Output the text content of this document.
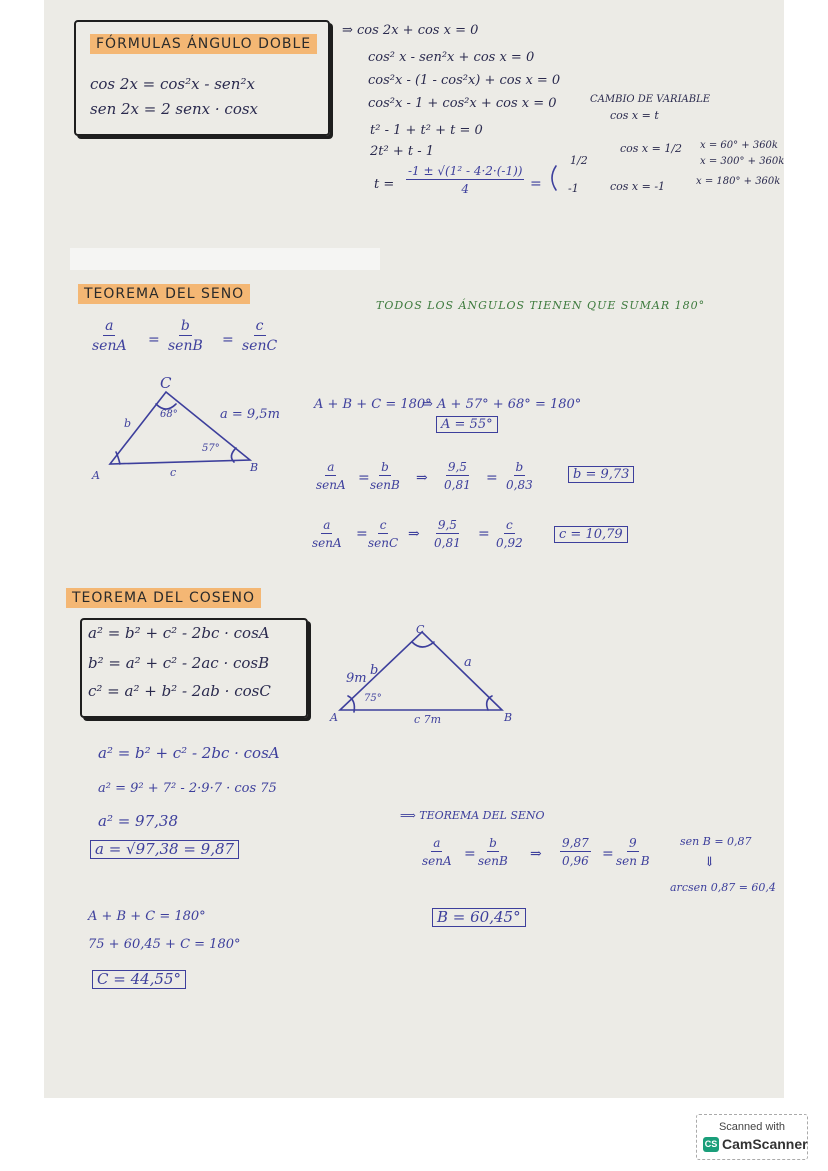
FÓRMULAS ÁNGULO DOBLE
cos 2x = cos²x - sen²x
sen 2x = 2 senx · cosx
⇒ cos 2x + cos x = 0
cos² x - sen²x + cos x = 0
cos²x - (1 - cos²x) + cos x = 0
cos²x - 1 + cos²x + cos x = 0
t² - 1 + t² + t = 0
2t² + t - 1
CAMBIO DE VARIABLE
cos x = t
$t = \frac{\text{-1 ± √(1² - 4·2·(-1))}}{4}$ =
1/2
-1
cos x = 1/2
cos x = -1
x = 60° + 360k
x = 300° + 360k
x = 180° + 360k
TEOREMA DEL SENO
TODOS LOS ÁNGULOS TIENEN QUE SUMAR 180°
a
senA =
b
senB =
c
senC
C
b
68°	a = 9,5m
57°
A	c	B
A + B + C = 180°
⇒ A + 57° + 68° = 180°
A = 55°
a
senA =
b
senB ⇒ $\frac{9,5}{0,81} = \frac{b}{0,83}$	b = 9,73
a
senA
=
c
senC
⇒ $\frac{9,5}{0,81} = \frac{c}{0,92}$	c = 10,79
TEOREMA DEL COSENO
a² = b² + c² - 2bc · cosA
b² = a² + c² - 2ac · cosB
c² = a² + b² - 2ab · cosC
C
b
9m
a
75°
A	c 7m	B
a² = b² + c² - 2bc · cosA
a² = 9² + 7² - 2·9·7 · cos 75
a² = 97,38
a = √97,38 = 9,87
⟹ TEOREMA DEL SENO
a
senA =
b
senB ⇒ $\frac{9,87}{0,96}$ =
9
sen B
sen B = 0,87
⇓
arcsen 0,87 = 60,4
B = 60,45°
A + B + C = 180°
75 + 60,45 + C = 180°
C = 44,55°
Scanned with
CS CamScanner
